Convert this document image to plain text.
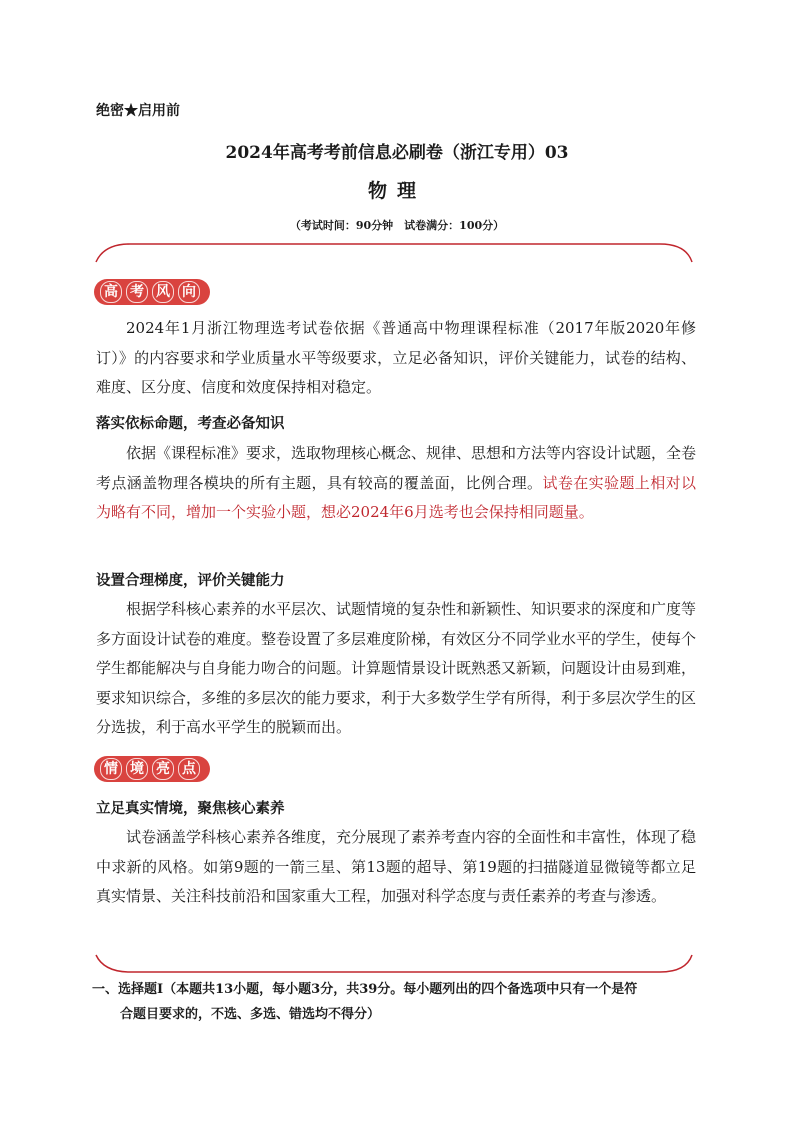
绝密★启用前
2024年高考考前信息必刷卷（浙江专用）03
物理
（考试时间：90分钟　试卷满分：100分）
高 考 风 向
2024年1月浙江物理选考试卷依据《普通高中物理课程标准（2017年版2020年修订）》的内容要求和学业质量水平等级要求，立足必备知识，评价关键能力，试卷的结构、难度、区分度、信度和效度保持相对稳定。
落实依标命题，考查必备知识
依据《课程标准》要求，选取物理核心概念、规律、思想和方法等内容设计试题，全卷考点涵盖物理各模块的所有主题，具有较高的覆盖面，比例合理。试卷在实验题上相对以为略有不同，增加一个实验小题，想必2024年6月选考也会保持相同题量。
设置合理梯度，评价关键能力
根据学科核心素养的水平层次、试题情境的复杂性和新颖性、知识要求的深度和广度等多方面设计试卷的难度。整卷设置了多层难度阶梯，有效区分不同学业水平的学生，使每个学生都能解决与自身能力吻合的问题。计算题情景设计既熟悉又新颖，问题设计由易到难，要求知识综合，多维的多层次的能力要求，利于大多数学生学有所得，利于多层次学生的区分选拔，利于高水平学生的脱颖而出。
情 境 亮 点
立足真实情境，聚焦核心素养
试卷涵盖学科核心素养各维度，充分展现了素养考查内容的全面性和丰富性，体现了稳中求新的风格。如第9题的一箭三星、第13题的超导、第19题的扫描隧道显微镜等都立足真实情景、关注科技前沿和国家重大工程，加强对科学态度与责任素养的考查与渗透。
一、选择题Ⅰ（本题共13小题，每小题3分，共39分。每小题列出的四个备选项中只有一个是符
合题目要求的，不选、多选、错选均不得分）
